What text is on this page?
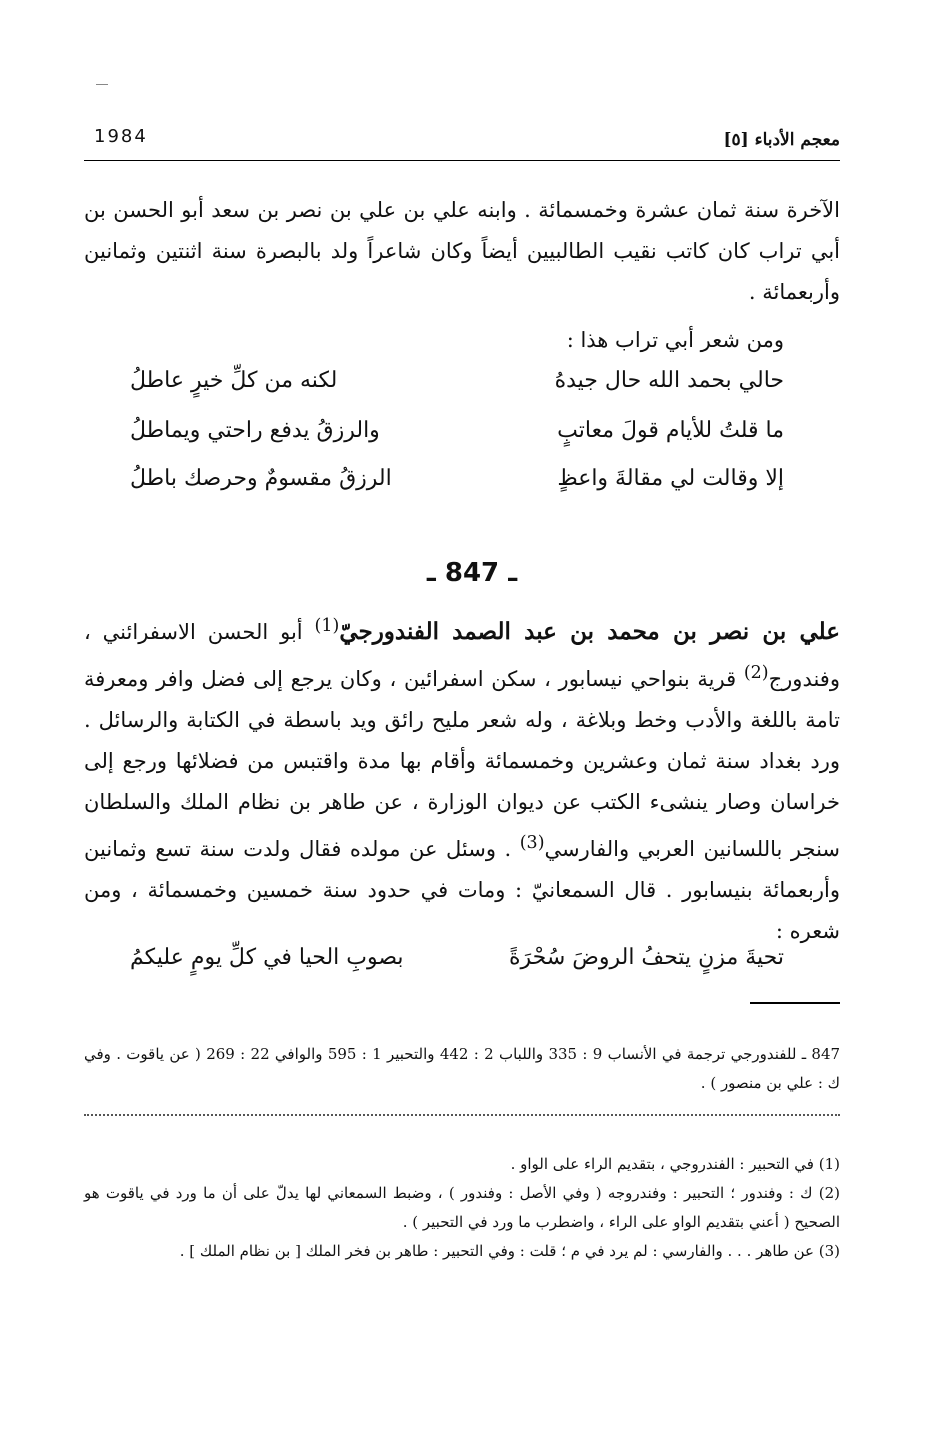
معجم الأدباء [٥]
1984
الآخرة سنة ثمان عشرة وخمسمائة . وابنه علي بن علي بن نصر بن سعد أبو الحسن بن أبي تراب كان كاتب نقيب الطالبيين أيضاً وكان شاعراً ولد بالبصرة سنة اثنتين وثمانين وأربعمائة .
ومن شعر أبي تراب هذا :
حالي بحمد الله حال جيدهُ
لكنه من كلِّ خيرٍ عاطلُ
ما قلتُ للأيام قولَ معاتبٍ
والرزقُ يدفع راحتي ويماطلُ
إلا وقالت لي مقالةَ واعظٍ
الرزقُ مقسومٌ وحرصك باطلُ
ـ 847 ـ
علي بن نصر بن محمد بن عبد الصمد الفندورجيّ$^{(1)}$ أبو الحسن الاسفرائني ، وفندورج$^{(2)}$ قرية بنواحي نيسابور ، سكن اسفرائين ، وكان يرجع إلى فضل وافر ومعرفة تامة باللغة والأدب وخط وبلاغة ، وله شعر مليح رائق ويد باسطة في الكتابة والرسائل . ورد بغداد سنة ثمان وعشرين وخمسمائة وأقام بها مدة واقتبس من فضلائها ورجع إلى خراسان وصار ينشىء الكتب عن ديوان الوزارة ، عن طاهر بن نظام الملك والسلطان سنجر باللسانين العربي والفارسي$^{(3)}$ . وسئل عن مولده فقال ولدت سنة تسع وثمانين وأربعمائة بنيسابور . قال السمعانيّ : ومات في حدود سنة خمسين وخمسمائة ، ومن شعره :
تحيةَ مزنٍ يتحفُ الروضَ سُحْرَةً
بصوبِ الحيا في كلِّ يومٍ عليكمُ
847 ـ للفندورجي ترجمة في الأنساب 9 : 335 واللباب 2 : 442 والتحبير 1 : 595 والوافي 22 : 269 ( عن ياقوت . وفي ك : علي بن منصور ) .
(1) في التحبير : الفندروجي ، بتقديم الراء على الواو .
(2) ك : وفندور ؛ التحبير : وفندروجه ( وفي الأصل : وفندور ) ، وضبط السمعاني لها يدلّ على أن ما ورد في ياقوت هو الصحيح ( أعني بتقديم الواو على الراء ، واضطرب ما ورد في التحبير ) .
(3) عن طاهر . . . والفارسي : لم يرد في م ؛ قلت : وفي التحبير : طاهر بن فخر الملك [ بن نظام الملك ] .
